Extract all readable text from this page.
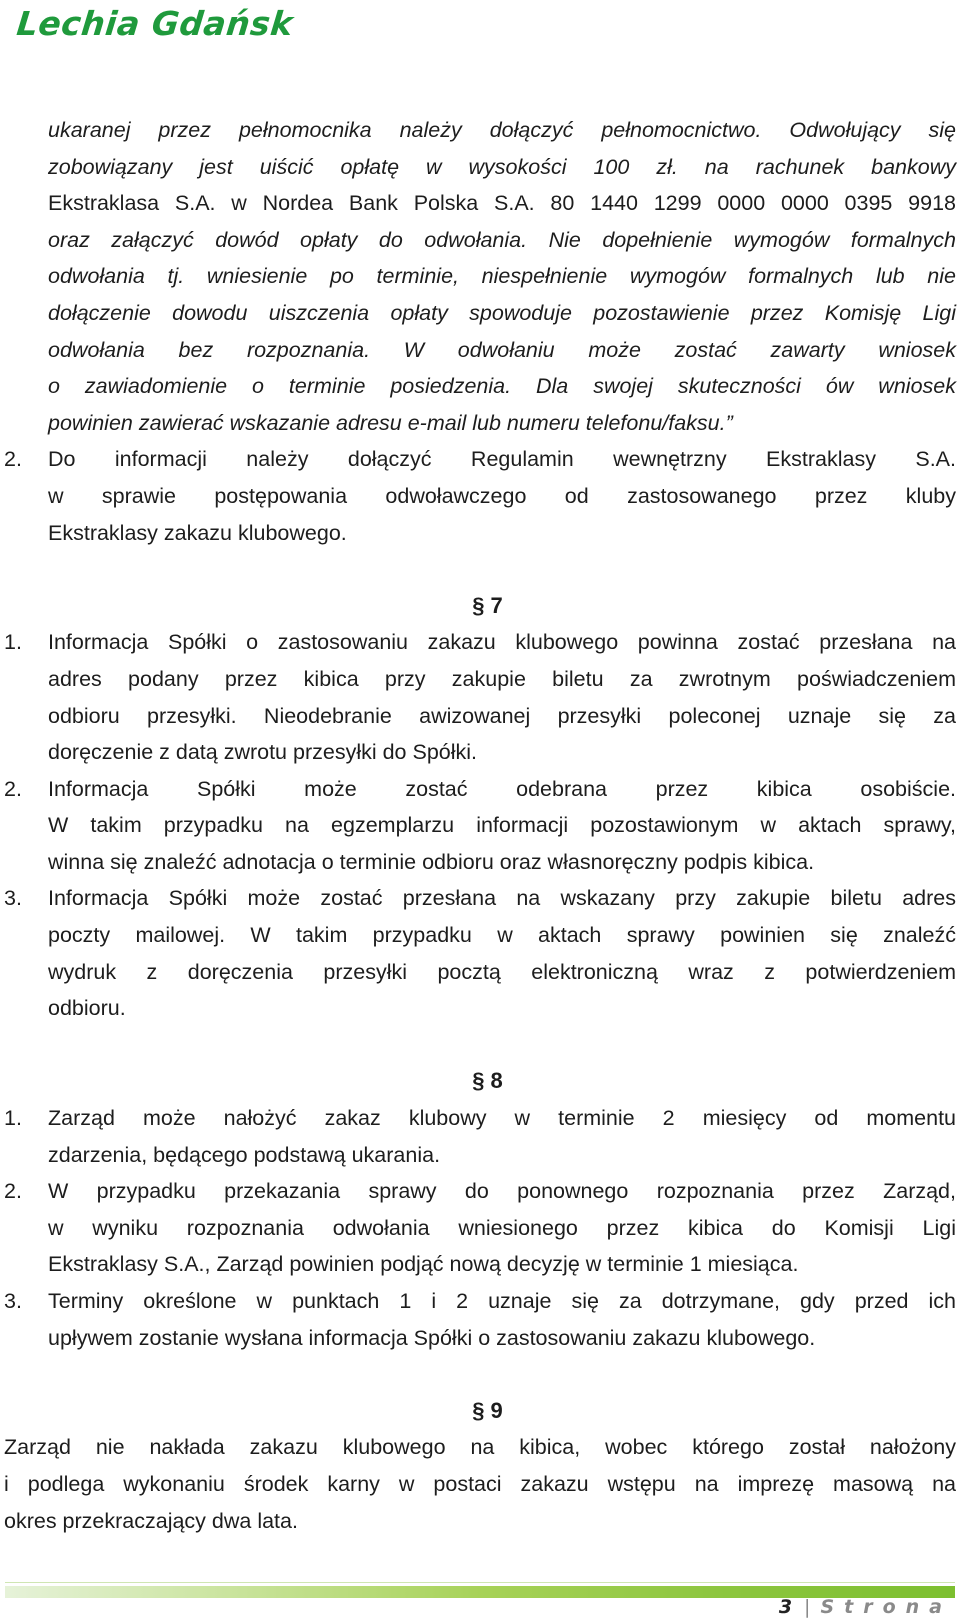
Lechia Gdańsk
ukaranej przez pełnomocnika należy dołączyć pełnomocnictwo. Odwołujący się
zobowiązany jest uiścić opłatę w wysokości 100 zł. na rachunek bankowy
Ekstraklasa S.A. w Nordea Bank Polska S.A. 80 1440 1299 0000 0000 0395 9918
oraz załączyć dowód opłaty do odwołania. Nie dopełnienie wymogów formalnych
odwołania tj. wniesienie po terminie, niespełnienie wymogów formalnych lub nie
dołączenie dowodu uiszczenia opłaty spowoduje pozostawienie przez Komisję Ligi
odwołania bez rozpoznania. W odwołaniu może zostać zawarty wniosek
o zawiadomienie o terminie posiedzenia. Dla swojej skuteczności ów wniosek
powinien zawierać wskazanie adresu e-mail lub numeru telefonu/faksu.”
2. Do informacji należy dołączyć Regulamin wewnętrzny Ekstraklasy S.A.
w sprawie postępowania odwoławczego od zastosowanego przez kluby
Ekstraklasy zakazu klubowego.
§ 7
1. Informacja Spółki o zastosowaniu zakazu klubowego powinna zostać przesłana na
adres podany przez kibica przy zakupie biletu za zwrotnym poświadczeniem
odbioru przesyłki. Nieodebranie awizowanej przesyłki poleconej uznaje się za
doręczenie z datą zwrotu przesyłki do Spółki.
2. Informacja Spółki może zostać odebrana przez kibica osobiście.
W takim przypadku na egzemplarzu informacji pozostawionym w aktach sprawy,
winna się znaleźć adnotacja o terminie odbioru oraz własnoręczny podpis kibica.
3. Informacja Spółki może zostać przesłana na wskazany przy zakupie biletu adres
poczty mailowej. W takim przypadku w aktach sprawy powinien się znaleźć
wydruk z doręczenia przesyłki pocztą elektroniczną wraz z potwierdzeniem
odbioru.
§ 8
1. Zarząd może nałożyć zakaz klubowy w terminie 2 miesięcy od momentu
zdarzenia, będącego podstawą ukarania.
2. W przypadku przekazania sprawy do ponownego rozpoznania przez Zarząd,
w wyniku rozpoznania odwołania wniesionego przez kibica do Komisji Ligi
Ekstraklasy S.A., Zarząd powinien podjąć nową decyzję w terminie 1 miesiąca.
3. Terminy określone w punktach 1 i 2 uznaje się za dotrzymane, gdy przed ich
upływem zostanie wysłana informacja Spółki o zastosowaniu zakazu klubowego.
§ 9
Zarząd nie nakłada zakazu klubowego na kibica, wobec którego został nałożony
i podlega wykonaniu środek karny w postaci zakazu wstępu na imprezę masową na
okres przekraczający dwa lata.
3 | Strona
